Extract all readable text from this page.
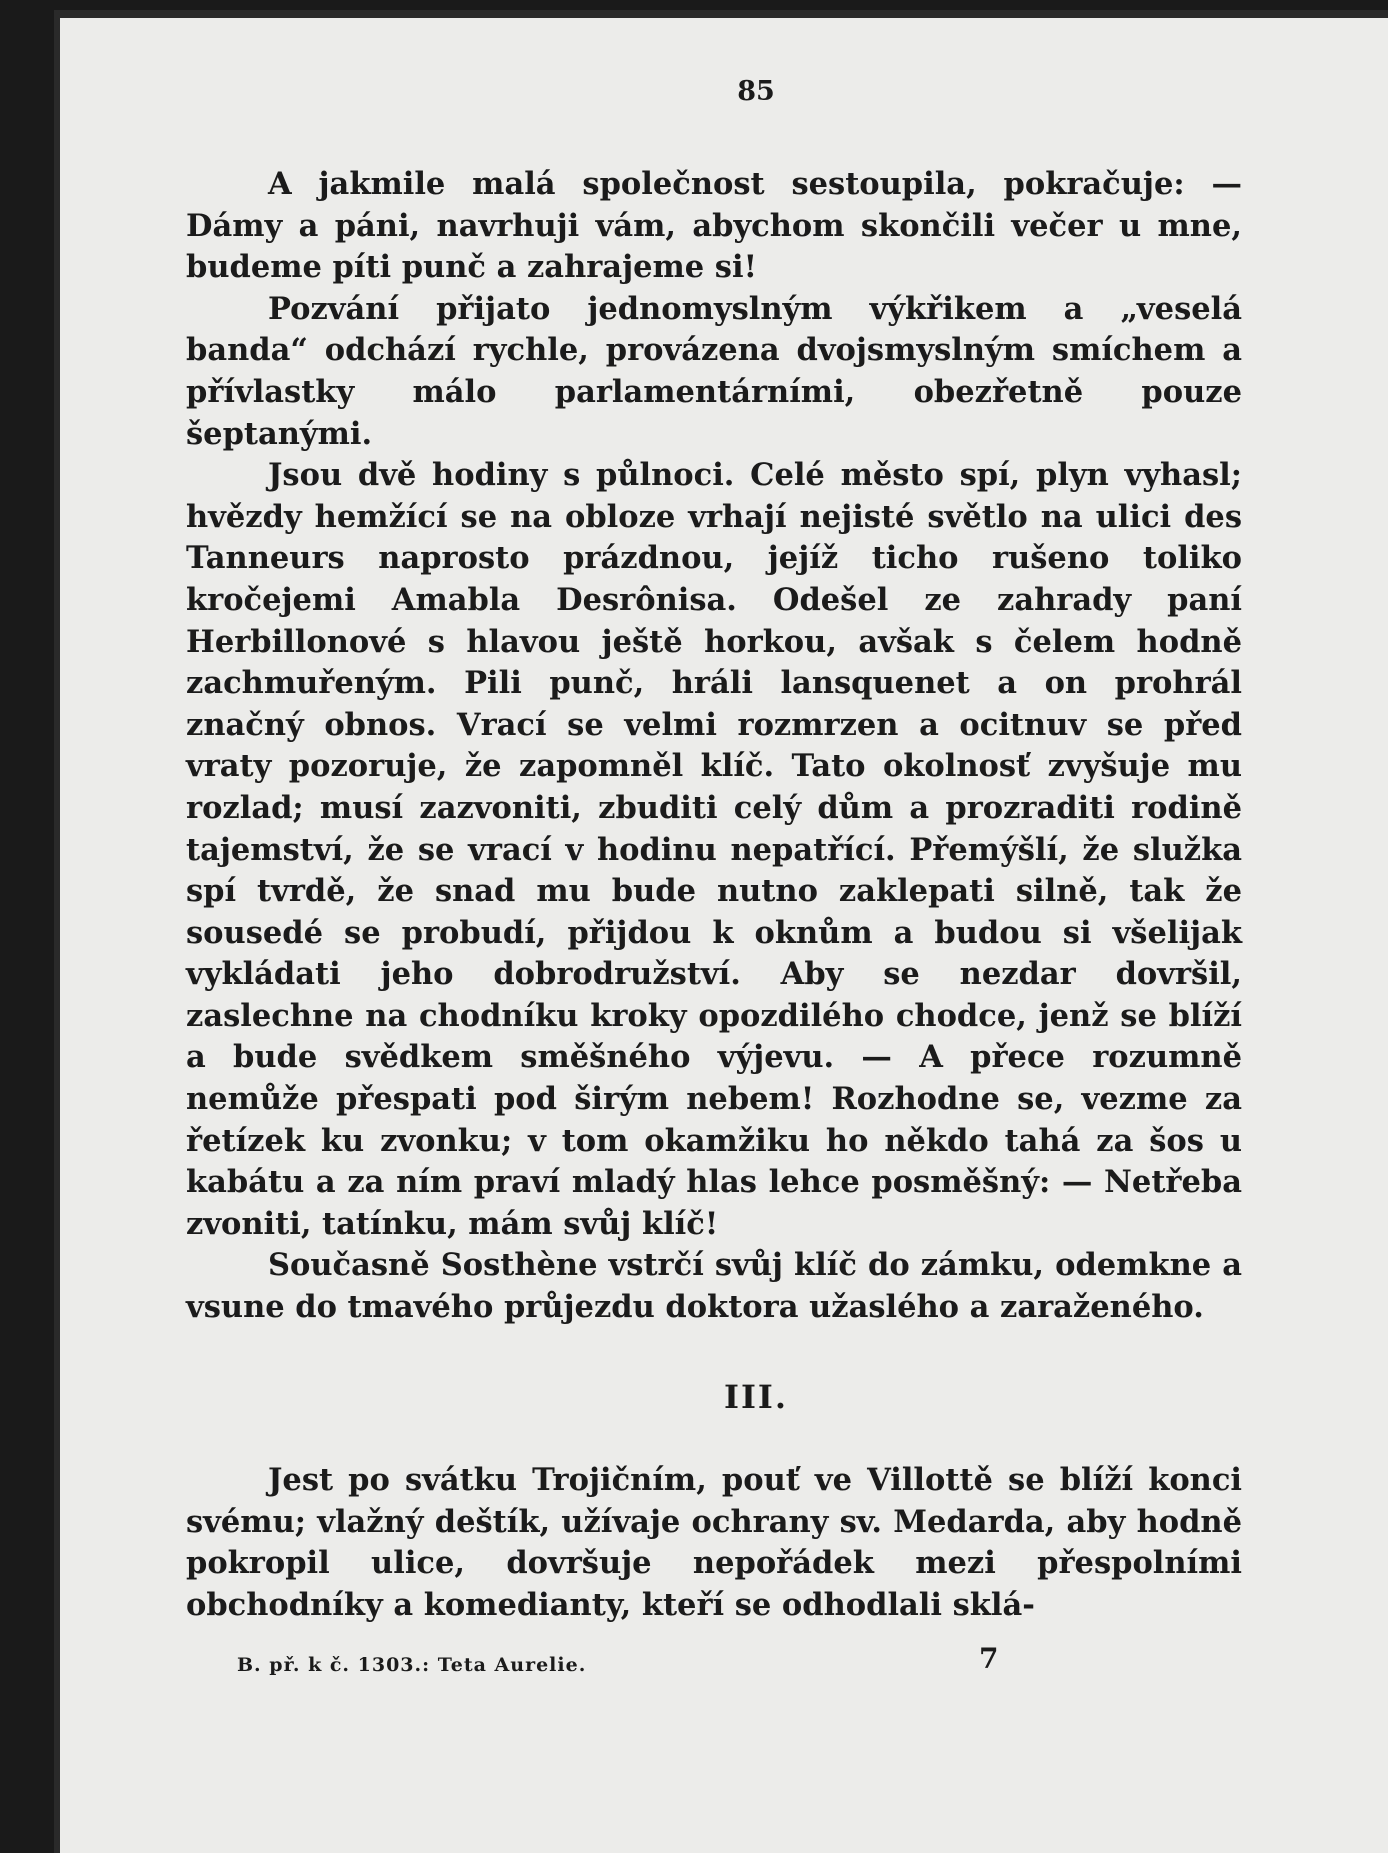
85

A jakmile malá společnost sestoupila, pokračuje: — Dámy a páni, navrhuji vám, abychom skončili večer u mne, budeme píti punč a zahrajeme si!

Pozvání přijato jednomyslným výkřikem a „veselá banda“ odchází rychle, provázena dvojsmyslným smíchem a přívlastky málo parlamentárními, obezřetně pouze šeptanými.

Jsou dvě hodiny s půlnoci. Celé město spí, plyn vyhasl; hvězdy hemžící se na obloze vrhají nejisté světlo na ulici des Tanneurs naprosto prázdnou, jejíž ticho rušeno toliko kročejemi Amabla Desrônisa. Odešel ze zahrady paní Herbillonové s hlavou ještě horkou, avšak s čelem hodně zachmuřeným. Pili punč, hráli lansquenet a on prohrál značný obnos. Vrací se velmi rozmrzen a ocitnuv se před vraty pozoruje, že zapomněl klíč. Tato okolnosť zvyšuje mu rozlad; musí zazvoniti, zbuditi celý dům a prozraditi rodině tajemství, že se vrací v hodinu nepatřící. Přemýšlí, že služka spí tvrdě, že snad mu bude nutno zaklepati silně, tak že sousedé se probudí, přijdou k oknům a budou si všelijak vykládati jeho dobrodružství. Aby se nezdar dovršil, zaslechne na chodníku kroky opozdilého chodce, jenž se blíží a bude svědkem směšného výjevu. — A přece rozumně nemůže přespati pod širým nebem! Rozhodne se, vezme za řetízek ku zvonku; v tom okamžiku ho někdo tahá za šos u kabátu a za ním praví mladý hlas lehce posměšný: — Netřeba zvoniti, tatínku, mám svůj klíč!

Současně Sosthène vstrčí svůj klíč do zámku, odemkne a vsune do tmavého průjezdu doktora užaslého a zaraženého.

III.

Jest po svátku Trojičním, pouť ve Villottě se blíží konci svému; vlažný deštík, užívaje ochrany sv. Medarda, aby hodně pokropil ulice, dovršuje nepořádek mezi přespolními obchodníky a komedianty, kteří se odhodlali sklá-

B. př. k č. 1303.: Teta Aurelie.	7
